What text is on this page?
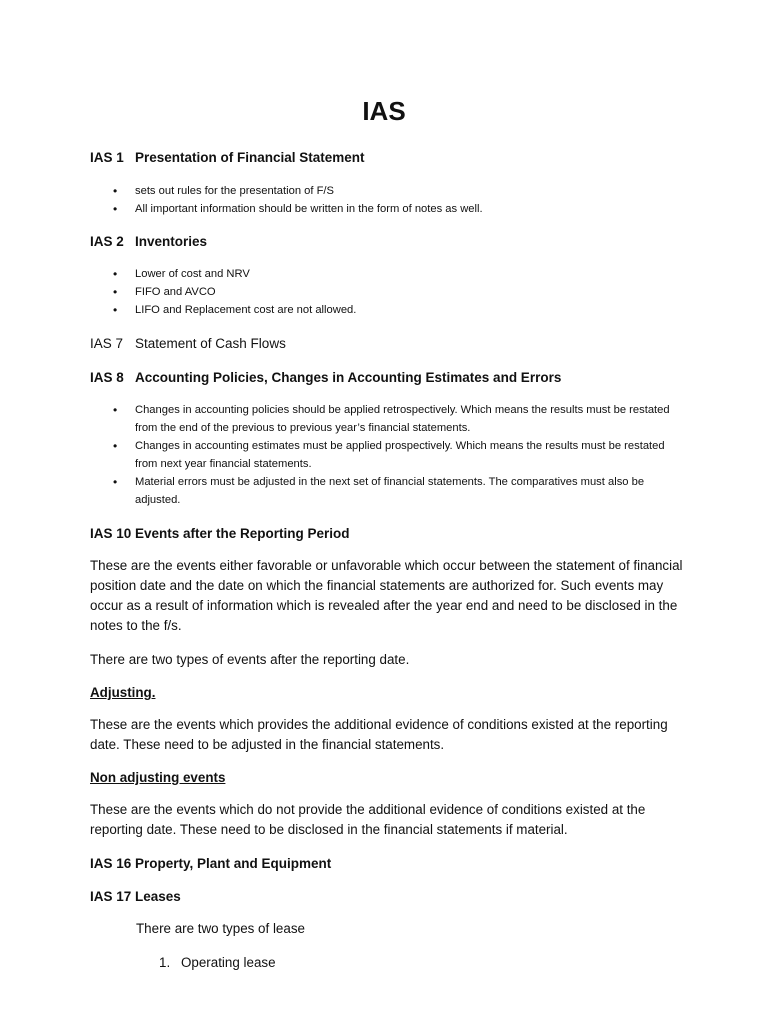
IAS
IAS 1 Presentation of Financial Statement
• sets out rules for the presentation of F/S
• All important information should be written in the form of notes as well.
IAS 2 Inventories
• Lower of cost and NRV
• FIFO and AVCO
• LIFO and Replacement cost are not allowed.
IAS 7 Statement of Cash Flows
IAS 8 Accounting Policies, Changes in Accounting Estimates and Errors
• Changes in accounting policies should be applied retrospectively. Which means the results must be restated from the end of the previous to previous year’s financial statements.
• Changes in accounting estimates must be applied prospectively. Which means the results must be restated from next year financial statements.
• Material errors must be adjusted in the next set of financial statements. The comparatives must also be adjusted.
IAS 10 Events after the Reporting Period

These are the events either favorable or unfavorable which occur between the statement of financial position date and the date on which the financial statements are authorized for. Such events may occur as a result of information which is revealed after the year end and need to be disclosed in the notes to the f/s.

There are two types of events after the reporting date.

Adjusting.

These are the events which provides the additional evidence of conditions existed at the reporting date. These need to be adjusted in the financial statements.

Non adjusting events

These are the events which do not provide the additional evidence of conditions existed at the reporting date. These need to be disclosed in the financial statements if material.

IAS 16 Property, Plant and Equipment
IAS 17 Leases
There are two types of lease
1. Operating lease
